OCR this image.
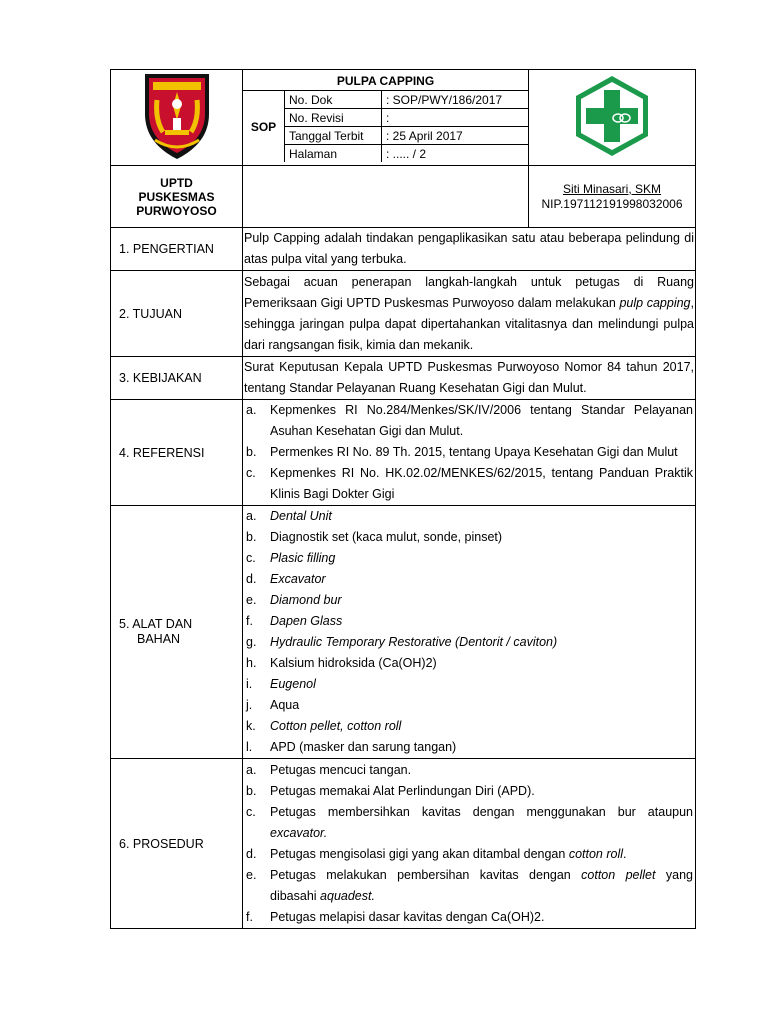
PULPA CAPPING
SOP
No. Dok	: SOP/PWY/186/2017
No. Revisi	:
Tanggal Terbit	: 25 April 2017
Halaman	: ..... / 2

UPTD
PUSKESMAS
PURWOYOSO

Siti Minasari, SKM
NIP.197112191998032006

1. PENGERTIAN	Pulp Capping adalah tindakan pengaplikasikan satu atau beberapa pelindung di atas pulpa vital yang terbuka.
2. TUJUAN	Sebagai acuan penerapan langkah-langkah untuk petugas di Ruang Pemeriksaan Gigi UPTD Puskesmas Purwoyoso dalam melakukan pulp capping, sehingga jaringan pulpa dapat dipertahankan vitalitasnya dan melindungi pulpa dari rangsangan fisik, kimia dan mekanik.
3. KEBIJAKAN	Surat Keputusan Kepala UPTD Puskesmas Purwoyoso Nomor 84 tahun 2017, tentang Standar Pelayanan Ruang Kesehatan Gigi dan Mulut.
4. REFERENSI	
a.	Kepmenkes RI No.284/Menkes/SK/IV/2006 tentang Standar Pelayanan Asuhan Kesehatan Gigi dan Mulut.
b.	Permenkes RI No. 89 Th. 2015, tentang Upaya Kesehatan Gigi dan Mulut
c.	Kepmenkes RI No. HK.02.02/MENKES/62/2015, tentang Panduan Praktik Klinis Bagi Dokter Gigi

5. ALAT DAN
BAHAN

a.	Dental Unit
b.	Diagnostik set (kaca mulut, sonde, pinset)
c.	Plasic filling
d.	Excavator
e.	Diamond bur
f.	Dapen Glass
g.	Hydraulic Temporary Restorative (Dentorit / caviton)
h.	Kalsium hidroksida (Ca(OH)2)
i.	Eugenol
j.	Aqua
k.	Cotton pellet, cotton roll
l.	APD (masker dan sarung tangan)

6. PROSEDUR	
a.	Petugas mencuci tangan.
b.	Petugas memakai Alat Perlindungan Diri (APD).
c.	Petugas membersihkan kavitas dengan menggunakan bur ataupun excavator.
d.	Petugas mengisolasi gigi yang akan ditambal dengan cotton roll.
e.	Petugas melakukan pembersihan kavitas dengan cotton pellet yang dibasahi aquadest.
f.	Petugas melapisi dasar kavitas dengan Ca(OH)2.
